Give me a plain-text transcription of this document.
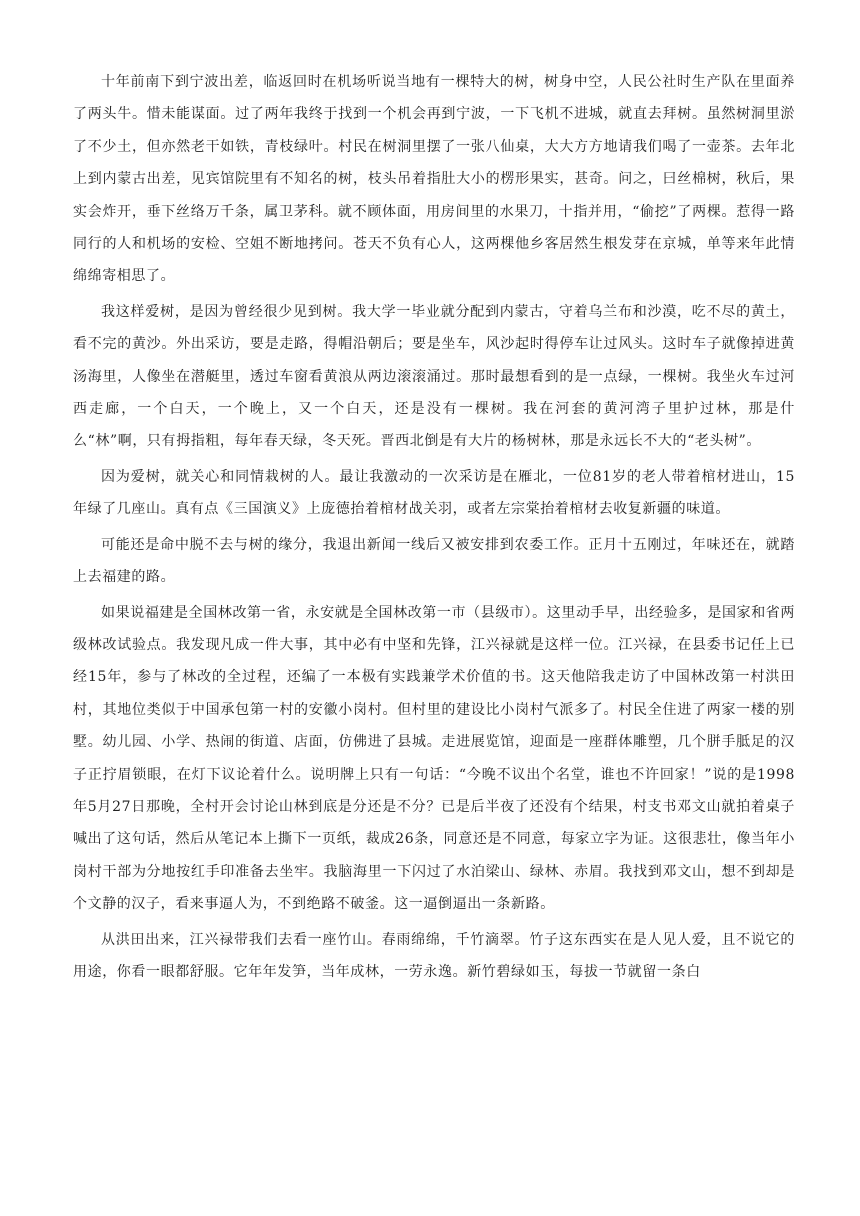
十年前南下到宁波出差，临返回时在机场听说当地有一棵特大的树，树身中空，人民公社时生产队在里面养了两头牛。惜未能谋面。过了两年我终于找到一个机会再到宁波，一下飞机不进城，就直去拜树。虽然树洞里淤了不少土，但亦然老干如铁，青枝绿叶。村民在树洞里摆了一张八仙桌，大大方方地请我们喝了一壶茶。去年北上到内蒙古出差，见宾馆院里有不知名的树，枝头吊着指肚大小的楞形果实，甚奇。问之，曰丝棉树，秋后，果实会炸开，垂下丝络万千条，属卫茅科。就不顾体面，用房间里的水果刀，十指并用，“偷挖”了两棵。惹得一路同行的人和机场的安检、空姐不断地拷问。苍天不负有心人，这两棵他乡客居然生根发芽在京城，单等来年此情绵绵寄相思了。

我这样爱树，是因为曾经很少见到树。我大学一毕业就分配到内蒙古，守着乌兰布和沙漠，吃不尽的黄土，看不完的黄沙。外出采访，要是走路，得帽沿朝后；要是坐车，风沙起时得停车让过风头。这时车子就像掉进黄汤海里，人像坐在潜艇里，透过车窗看黄浪从两边滚滚涌过。那时最想看到的是一点绿，一棵树。我坐火车过河西走廊，一个白天，一个晚上，又一个白天，还是没有一棵树。我在河套的黄河湾子里护过林，那是什么“林”啊，只有拇指粗，每年春天绿，冬天死。晋西北倒是有大片的杨树林，那是永远长不大的“老头树”。

因为爱树，就关心和同情栽树的人。最让我激动的一次采访是在雁北，一位81岁的老人带着棺材进山，15年绿了几座山。真有点《三国演义》上庞德抬着棺材战关羽，或者左宗棠抬着棺材去收复新疆的味道。

可能还是命中脱不去与树的缘分，我退出新闻一线后又被安排到农委工作。正月十五刚过，年味还在，就踏上去福建的路。

如果说福建是全国林改第一省，永安就是全国林改第一市（县级市）。这里动手早，出经验多，是国家和省两级林改试验点。我发现凡成一件大事，其中必有中坚和先锋，江兴禄就是这样一位。江兴禄，在县委书记任上已经15年，参与了林改的全过程，还编了一本极有实践兼学术价值的书。这天他陪我走访了中国林改第一村洪田村，其地位类似于中国承包第一村的安徽小岗村。但村里的建设比小岗村气派多了。村民全住进了两家一楼的别墅。幼儿园、小学、热闹的街道、店面，仿佛进了县城。走进展览馆，迎面是一座群体雕塑，几个胼手胝足的汉子正拧眉锁眼，在灯下议论着什么。说明牌上只有一句话：“今晚不议出个名堂，谁也不许回家！”说的是1998年5月27日那晚，全村开会讨论山林到底是分还是不分？已是后半夜了还没有个结果，村支书邓文山就拍着桌子喊出了这句话，然后从笔记本上撕下一页纸，裁成26条，同意还是不同意，每家立字为证。这很悲壮，像当年小岗村干部为分地按红手印准备去坐牢。我脑海里一下闪过了水泊梁山、绿林、赤眉。我找到邓文山，想不到却是个文静的汉子，看来事逼人为，不到绝路不破釜。这一逼倒逼出一条新路。

从洪田出来，江兴禄带我们去看一座竹山。春雨绵绵，千竹滴翠。竹子这东西实在是人见人爱，且不说它的用途，你看一眼都舒服。它年年发笋，当年成林，一劳永逸。新竹碧绿如玉，每拔一节就留一条白
